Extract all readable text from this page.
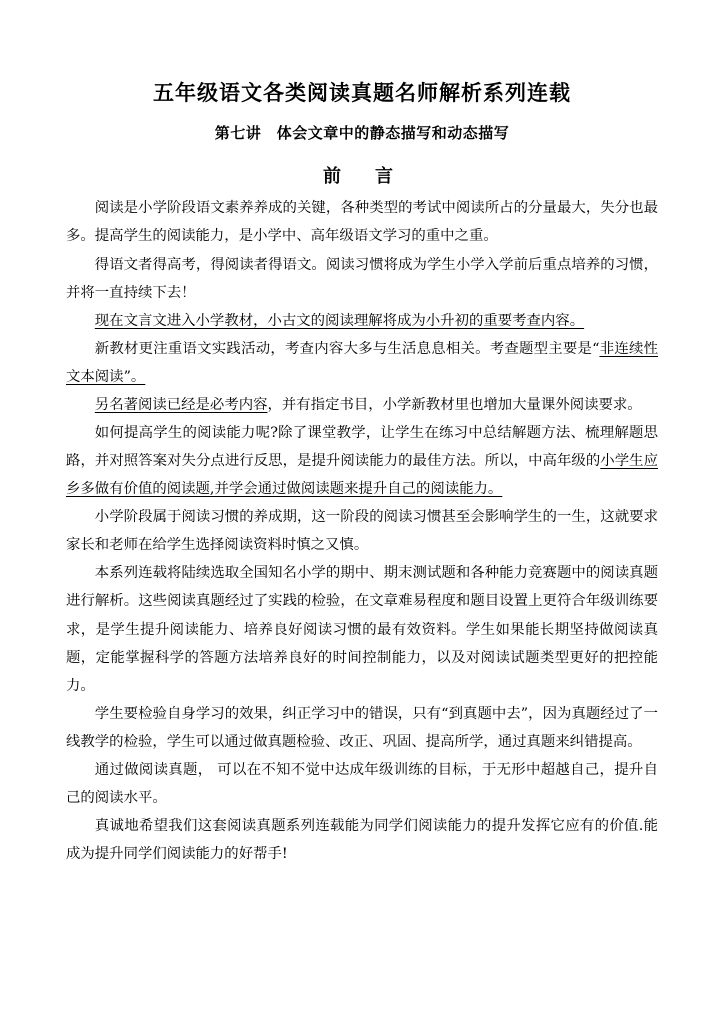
五年级语文各类阅读真题名师解析系列连载
第七讲　体会文章中的静态描写和动态描写
前　言

阅读是小学阶段语文素养养成的关键，各种类型的考试中阅读所占的分量最大，失分也最多。提高学生的阅读能力，是小学中、高年级语文学习的重中之重。

得语文者得高考，得阅读者得语文。阅读习惯将成为学生小学入学前后重点培养的习惯，并将一直持续下去！

现在文言文进入小学教材，小古文的阅读理解将成为小升初的重要考查内容。

新教材更注重语文实践活动，考查内容大多与生活息息相关。考查题型主要是“非连续性文本阅读”。

另名著阅读已经是必考内容，并有指定书目，小学新教材里也增加大量课外阅读要求。

如何提高学生的阅读能力呢?除了课堂教学，让学生在练习中总结解题方法、梳理解题思路，并对照答案对失分点进行反思，是提升阅读能力的最佳方法。所以，中高年级的小学生应乡多做有价值的阅读题,并学会通过做阅读题来提升自己的阅读能力。

小学阶段属于阅读习惯的养成期，这一阶段的阅读习惯甚至会影响学生的一生，这就要求家长和老师在给学生选择阅读资料时慎之又慎。

本系列连载将陆续选取全国知名小学的期中、期末测试题和各种能力竞赛题中的阅读真题进行解析。这些阅读真题经过了实践的检验，在文章难易程度和题目设置上更符合年级训练要求，是学生提升阅读能力、培养良好阅读习惯的最有效资料。学生如果能长期坚持做阅读真题，定能掌握科学的答题方法培养良好的时间控制能力，以及对阅读试题类型更好的把控能力。

学生要检验自身学习的效果，纠正学习中的错误，只有“到真题中去”，因为真题经过了一线教学的检验，学生可以通过做真题检验、改正、巩固、提高所学，通过真题来纠错提高。

通过做阅读真题， 可以在不知不觉中达成年级训练的目标，于无形中超越自己，提升自己的阅读水平。

真诚地希望我们这套阅读真题系列连载能为同学们阅读能力的提升发挥它应有的价值.能成为提升同学们阅读能力的好帮手!
